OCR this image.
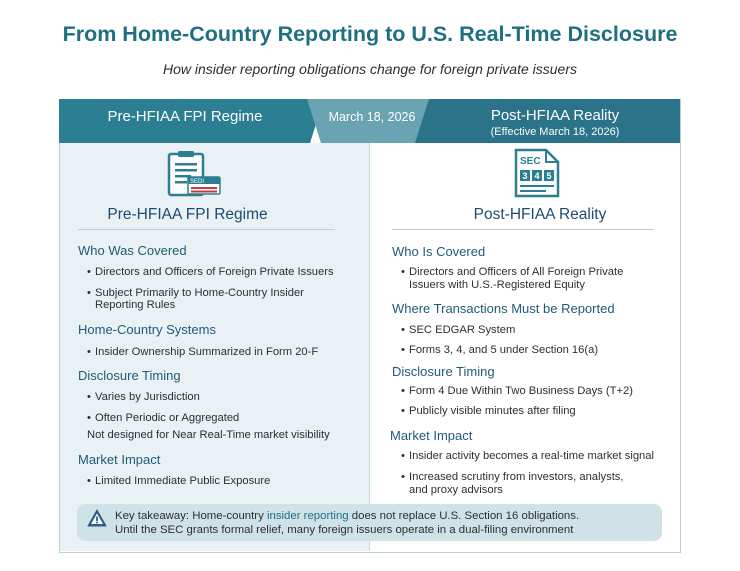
From Home-Country Reporting to U.S. Real-Time Disclosure
How insider reporting obligations change for foreign private issuers
Pre-HFIAA FPI Regime	March 18, 2026	Post-HFIAA Reality
(Effective March 18, 2026)
SEDI
SEC
3 4 5
Pre-HFIAA FPI Regime
Who Was Covered
• Directors and Officers of Foreign Private Issuers
• Subject Primarily to Home-Country Insider
Reporting Rules
Home-Country Systems
• Insider Ownership Summarized in Form 20-F
Disclosure Timing
• Varies by Jurisdiction
• Often Periodic or Aggregated
Not designed for Near Real-Time market visibility
Market Impact
• Limited Immediate Public Exposure
Post-HFIAA Reality
Who Is Covered
• Directors and Officers of All Foreign Private
Issuers with U.S.-Registered Equity
Where Transactions Must be Reported
• SEC EDGAR System
• Forms 3, 4, and 5 under Section 16(a)
Disclosure Timing
• Form 4 Due Within Two Business Days (T+2)
• Publicly visible minutes after filing
Market Impact
• Insider activity becomes a real-time market signal
• Increased scrutiny from investors, analysts,
and proxy advisors
Key takeaway: Home-country insider reporting does not replace U.S. Section 16 obligations.
Until the SEC grants formal relief, many foreign issuers operate in a dual-filing environment
